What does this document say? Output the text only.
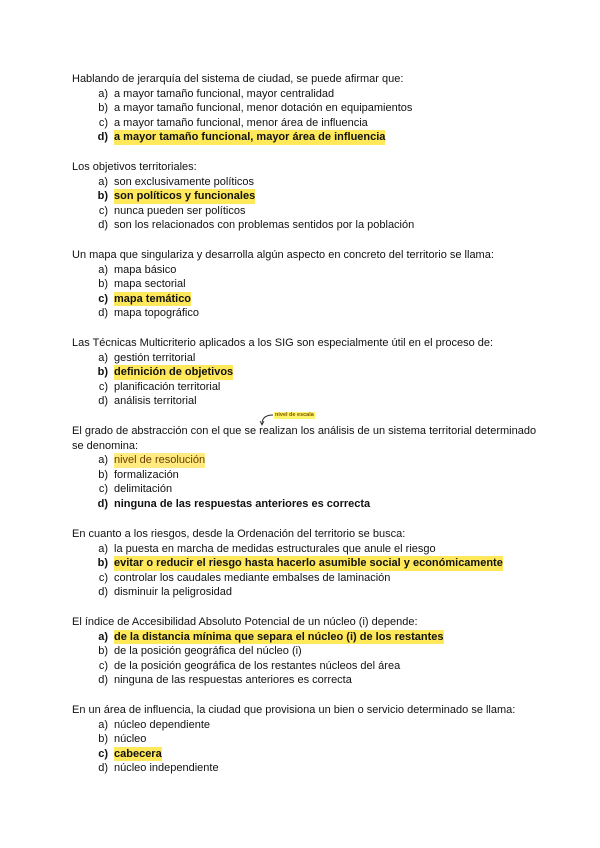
Hablando de jerarquía del sistema de ciudad, se puede afirmar que:

a) a mayor tamaño funcional, mayor centralidad
b) a mayor tamaño funcional, menor dotación en equipamientos
c) a mayor tamaño funcional, menor área de influencia
d) a mayor tamaño funcional, mayor área de influencia

Los objetivos territoriales:

a) son exclusivamente políticos
b) son políticos y funcionales
c) nunca pueden ser políticos
d) son los relacionados con problemas sentidos por la población

Un mapa que singulariza y desarrolla algún aspecto en concreto del territorio se llama:

a) mapa básico
b) mapa sectorial
c) mapa temático
d) mapa topográfico

Las Técnicas Multicriterio aplicados a los SIG son especialmente útil en el proceso de:

a) gestión territorial
b) definición de objetivos
c) planificación territorial
d) análisis territorial
nivel de escala

El grado de abstracción con el que se realizan los análisis de un sistema territorial determinado se denomina:

a) nivel de resolución
b) formalización
c) delimitación
d) ninguna de las respuestas anteriores es correcta

En cuanto a los riesgos, desde la Ordenación del territorio se busca:

a) la puesta en marcha de medidas estructurales que anule el riesgo
b) evitar o reducir el riesgo hasta hacerlo asumible social y económicamente
c) controlar los caudales mediante embalses de laminación
d) disminuir la peligrosidad

El índice de Accesibilidad Absoluto Potencial de un núcleo (i) depende:

a) de la distancia mínima que separa el núcleo (i) de los restantes
b) de la posición geográfica del núcleo (i)
c) de la posición geográfica de los restantes núcleos del área
d) ninguna de las respuestas anteriores es correcta

En un área de influencia, la ciudad que provisiona un bien o servicio determinado se llama:

a) núcleo dependiente
b) núcleo
c) cabecera
d) núcleo independiente
